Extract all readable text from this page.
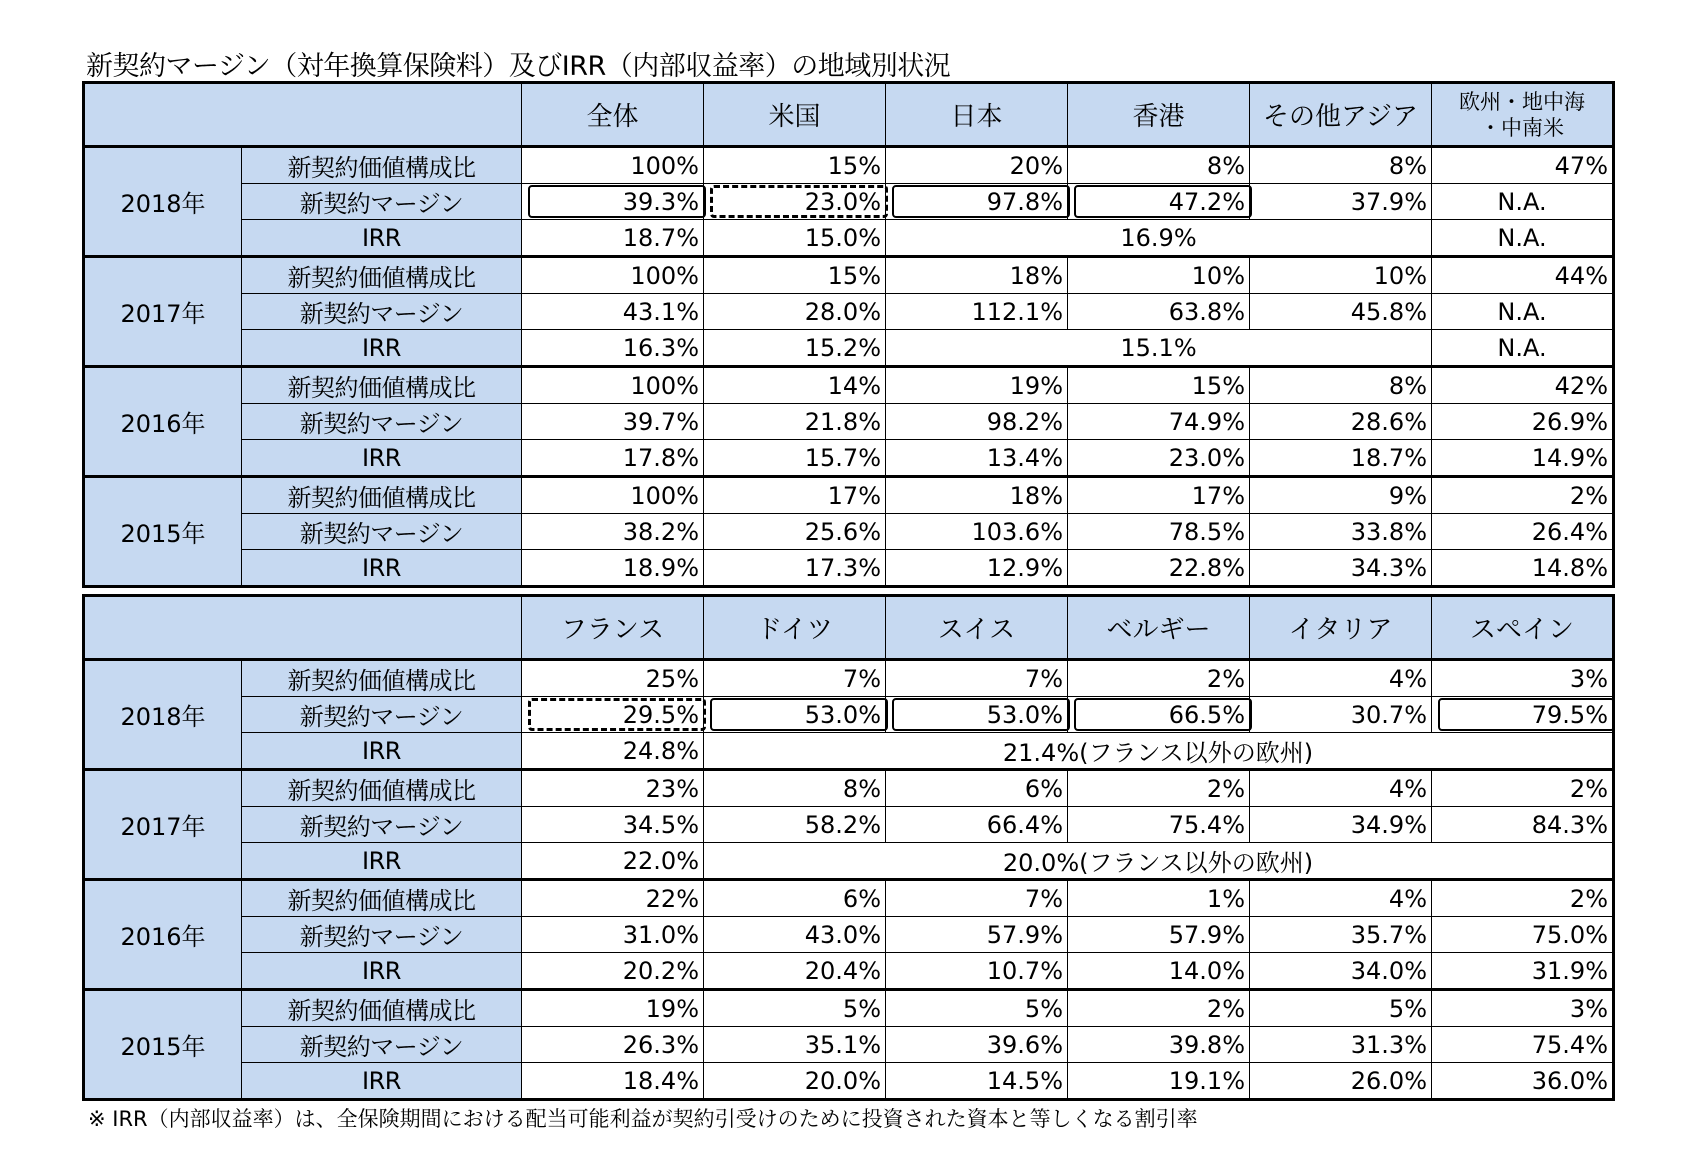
新契約マージン（対年換算保険料）及びIRR（内部収益率）の地域別状況
		全体	米国	日本	香港	その他アジア	欧州・地中海
・中南米
2018年	新契約価値構成比	100%	15%	20%	8%	8%	47%
	新契約マージン	39.3%	23.0%	97.8%	47.2%	37.9%	N.A.
	IRR	18.7%	15.0%	16.9%			N.A.
2017年	新契約価値構成比	100%	15%	18%	10%	10%	44%
	新契約マージン	43.1%	28.0%	112.1%	63.8%	45.8%	N.A.
	IRR	16.3%	15.2%	15.1%			N.A.
2016年	新契約価値構成比	100%	14%	19%	15%	8%	42%
	新契約マージン	39.7%	21.8%	98.2%	74.9%	28.6%	26.9%
	IRR	17.8%	15.7%	13.4%	23.0%	18.7%	14.9%
2015年	新契約価値構成比	100%	17%	18%	17%	9%	2%
	新契約マージン	38.2%	25.6%	103.6%	78.5%	33.8%	26.4%
	IRR	18.9%	17.3%	12.9%	22.8%	34.3%	14.8%
		フランス	ドイツ	スイス	ベルギー	イタリア	スペイン
2018年	新契約価値構成比	25%	7%	7%	2%	4%	3%
	新契約マージン	29.5%	53.0%	53.0%	66.5%	30.7%	79.5%

	IRR	24.8%	21.4%(フランス以外の欧州)				
2017年	新契約価値構成比	23%	8%	6%	2%	4%	2%
	新契約マージン	34.5%	58.2%	66.4%	75.4%	34.9%	84.3%
	IRR	22.0%	20.0%(フランス以外の欧州)				
2016年	新契約価値構成比	22%	6%	7%	1%	4%	2%
	新契約マージン	31.0%	43.0%	57.9%	57.9%	35.7%	75.0%
	IRR	20.2%	20.4%	10.7%	14.0%	34.0%	31.9%
2015年	新契約価値構成比	19%	5%	5%	2%	5%	3%
	新契約マージン	26.3%	35.1%	39.6%	39.8%	31.3%	75.4%
	IRR	18.4%	20.0%	14.5%	19.1%	26.0%	36.0%
※ IRR（内部収益率）は、全保険期間における配当可能利益が契約引受けのために投資された資本と等しくなる割引率
